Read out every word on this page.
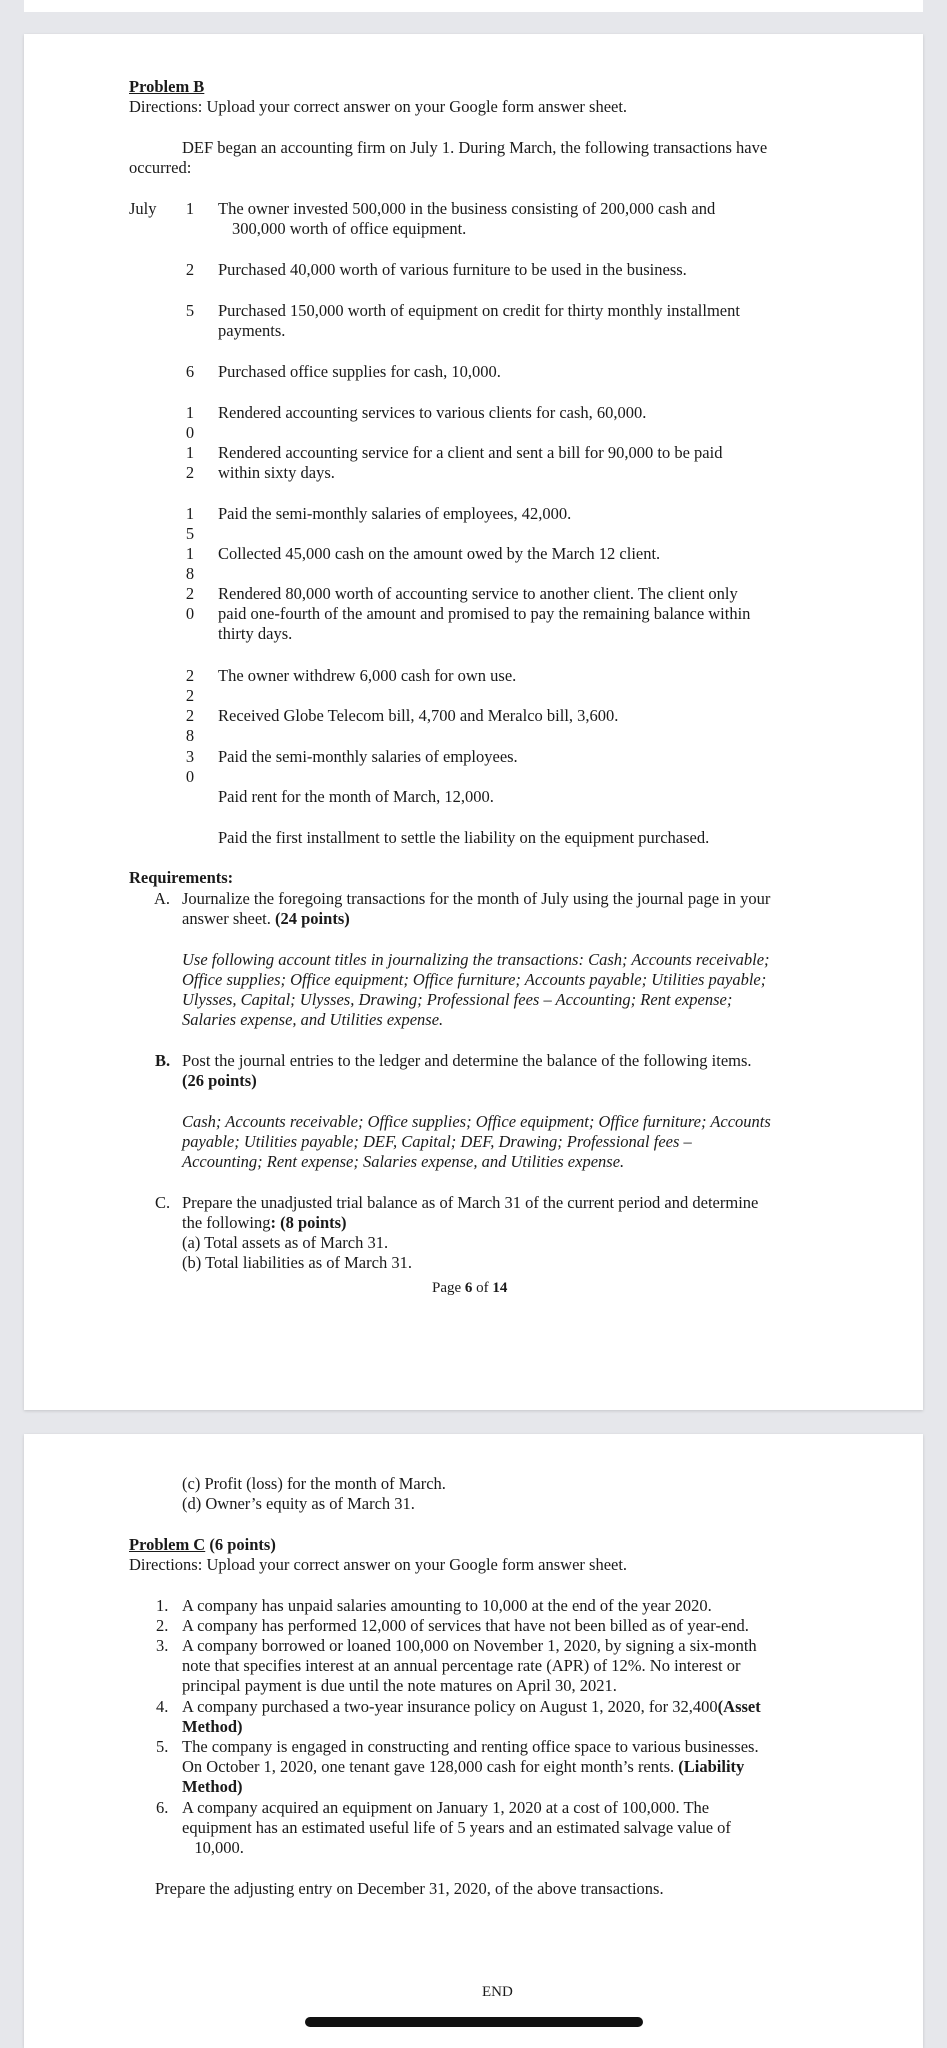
Problem B
Directions: Upload your correct answer on your Google form answer sheet.
DEF began an accounting firm on July 1. During March, the following transactions have
occurred:
July 1
2
5
6
1
0
1
2
1
5
1
8
2
0
2
2
2
8
3
0
The owner invested 500,000 in the business consisting of 200,000 cash and
300,000 worth of office equipment.
Purchased 40,000 worth of various furniture to be used in the business.
Purchased 150,000 worth of equipment on credit for thirty monthly installment
payments.
Purchased office supplies for cash, 10,000.
Rendered accounting services to various clients for cash, 60,000.
Rendered accounting service for a client and sent a bill for 90,000 to be paid
within sixty days.
Paid the semi-monthly salaries of employees, 42,000.
Collected 45,000 cash on the amount owed by the March 12 client.
Rendered 80,000 worth of accounting service to another client. The client only
paid one-fourth of the amount and promised to pay the remaining balance within
thirty days.
The owner withdrew 6,000 cash for own use.
Received Globe Telecom bill, 4,700 and Meralco bill, 3,600.
Paid the semi-monthly salaries of employees.
Paid rent for the month of March, 12,000.
Paid the first installment to settle the liability on the equipment purchased.
Requirements:
A. Journalize the foregoing transactions for the month of July using the journal page in your
answer sheet. (24 points)
Use following account titles in journalizing the transactions: Cash; Accounts receivable;
Office supplies; Office equipment; Office furniture; Accounts payable; Utilities payable;
Ulysses, Capital; Ulysses, Drawing; Professional fees – Accounting; Rent expense;
Salaries expense, and Utilities expense.
B. Post the journal entries to the ledger and determine the balance of the following items.
(26 points)
Cash; Accounts receivable; Office supplies; Office equipment; Office furniture; Accounts
payable; Utilities payable; DEF, Capital; DEF, Drawing; Professional fees –
Accounting; Rent expense; Salaries expense, and Utilities expense.
C. Prepare the unadjusted trial balance as of March 31 of the current period and determine
the following: (8 points)
(a) Total assets as of March 31.
(b) Total liabilities as of March 31.
Page 6 of 14
(c) Profit (loss) for the month of March.
(d) Owner’s equity as of March 31.
Problem C (6 points)
Directions: Upload your correct answer on your Google form answer sheet.
1. A company has unpaid salaries amounting to 10,000 at the end of the year 2020.
2. A company has performed 12,000 of services that have not been billed as of year-end.
3. A company borrowed or loaned 100,000 on November 1, 2020, by signing a six-month
note that specifies interest at an annual percentage rate (APR) of 12%. No interest or
principal payment is due until the note matures on April 30, 2021.
4. A company purchased a two-year insurance policy on August 1, 2020, for 32,400(Asset
Method)
5. The company is engaged in constructing and renting office space to various businesses.
On October 1, 2020, one tenant gave 128,000 cash for eight month’s rents. (Liability
Method)
6. A company acquired an equipment on January 1, 2020 at a cost of 100,000. The
equipment has an estimated useful life of 5 years and an estimated salvage value of
10,000.
Prepare the adjusting entry on December 31, 2020, of the above transactions.
END
